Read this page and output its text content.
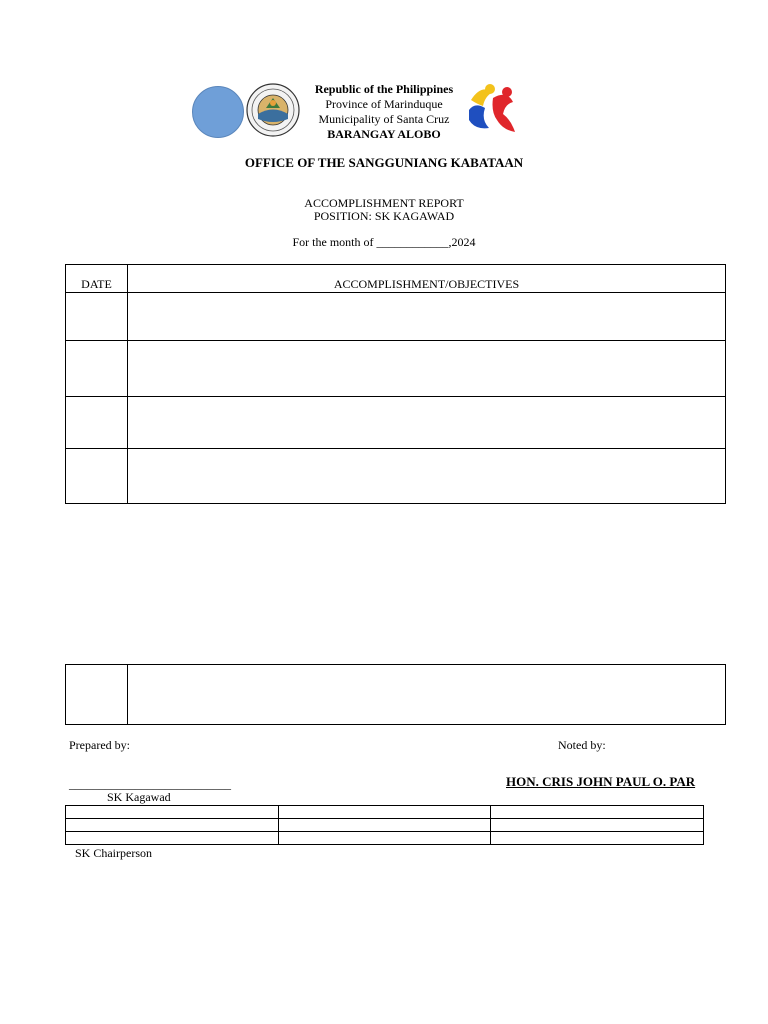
Republic of the Philippines
Province of Marinduque
Municipality of Santa Cruz
BARANGAY ALOBO
OFFICE OF THE SANGGUNIANG KABATAAN
ACCOMPLISHMENT REPORT
POSITION: SK KAGAWAD
For the month of ____________,2024
DATE	ACCOMPLISHMENT/OBJECTIVES

Prepared by:	Noted by:
___________________________	HON. CRIS JOHN PAUL O. PAR
SK Kagawad

SK Chairperson
